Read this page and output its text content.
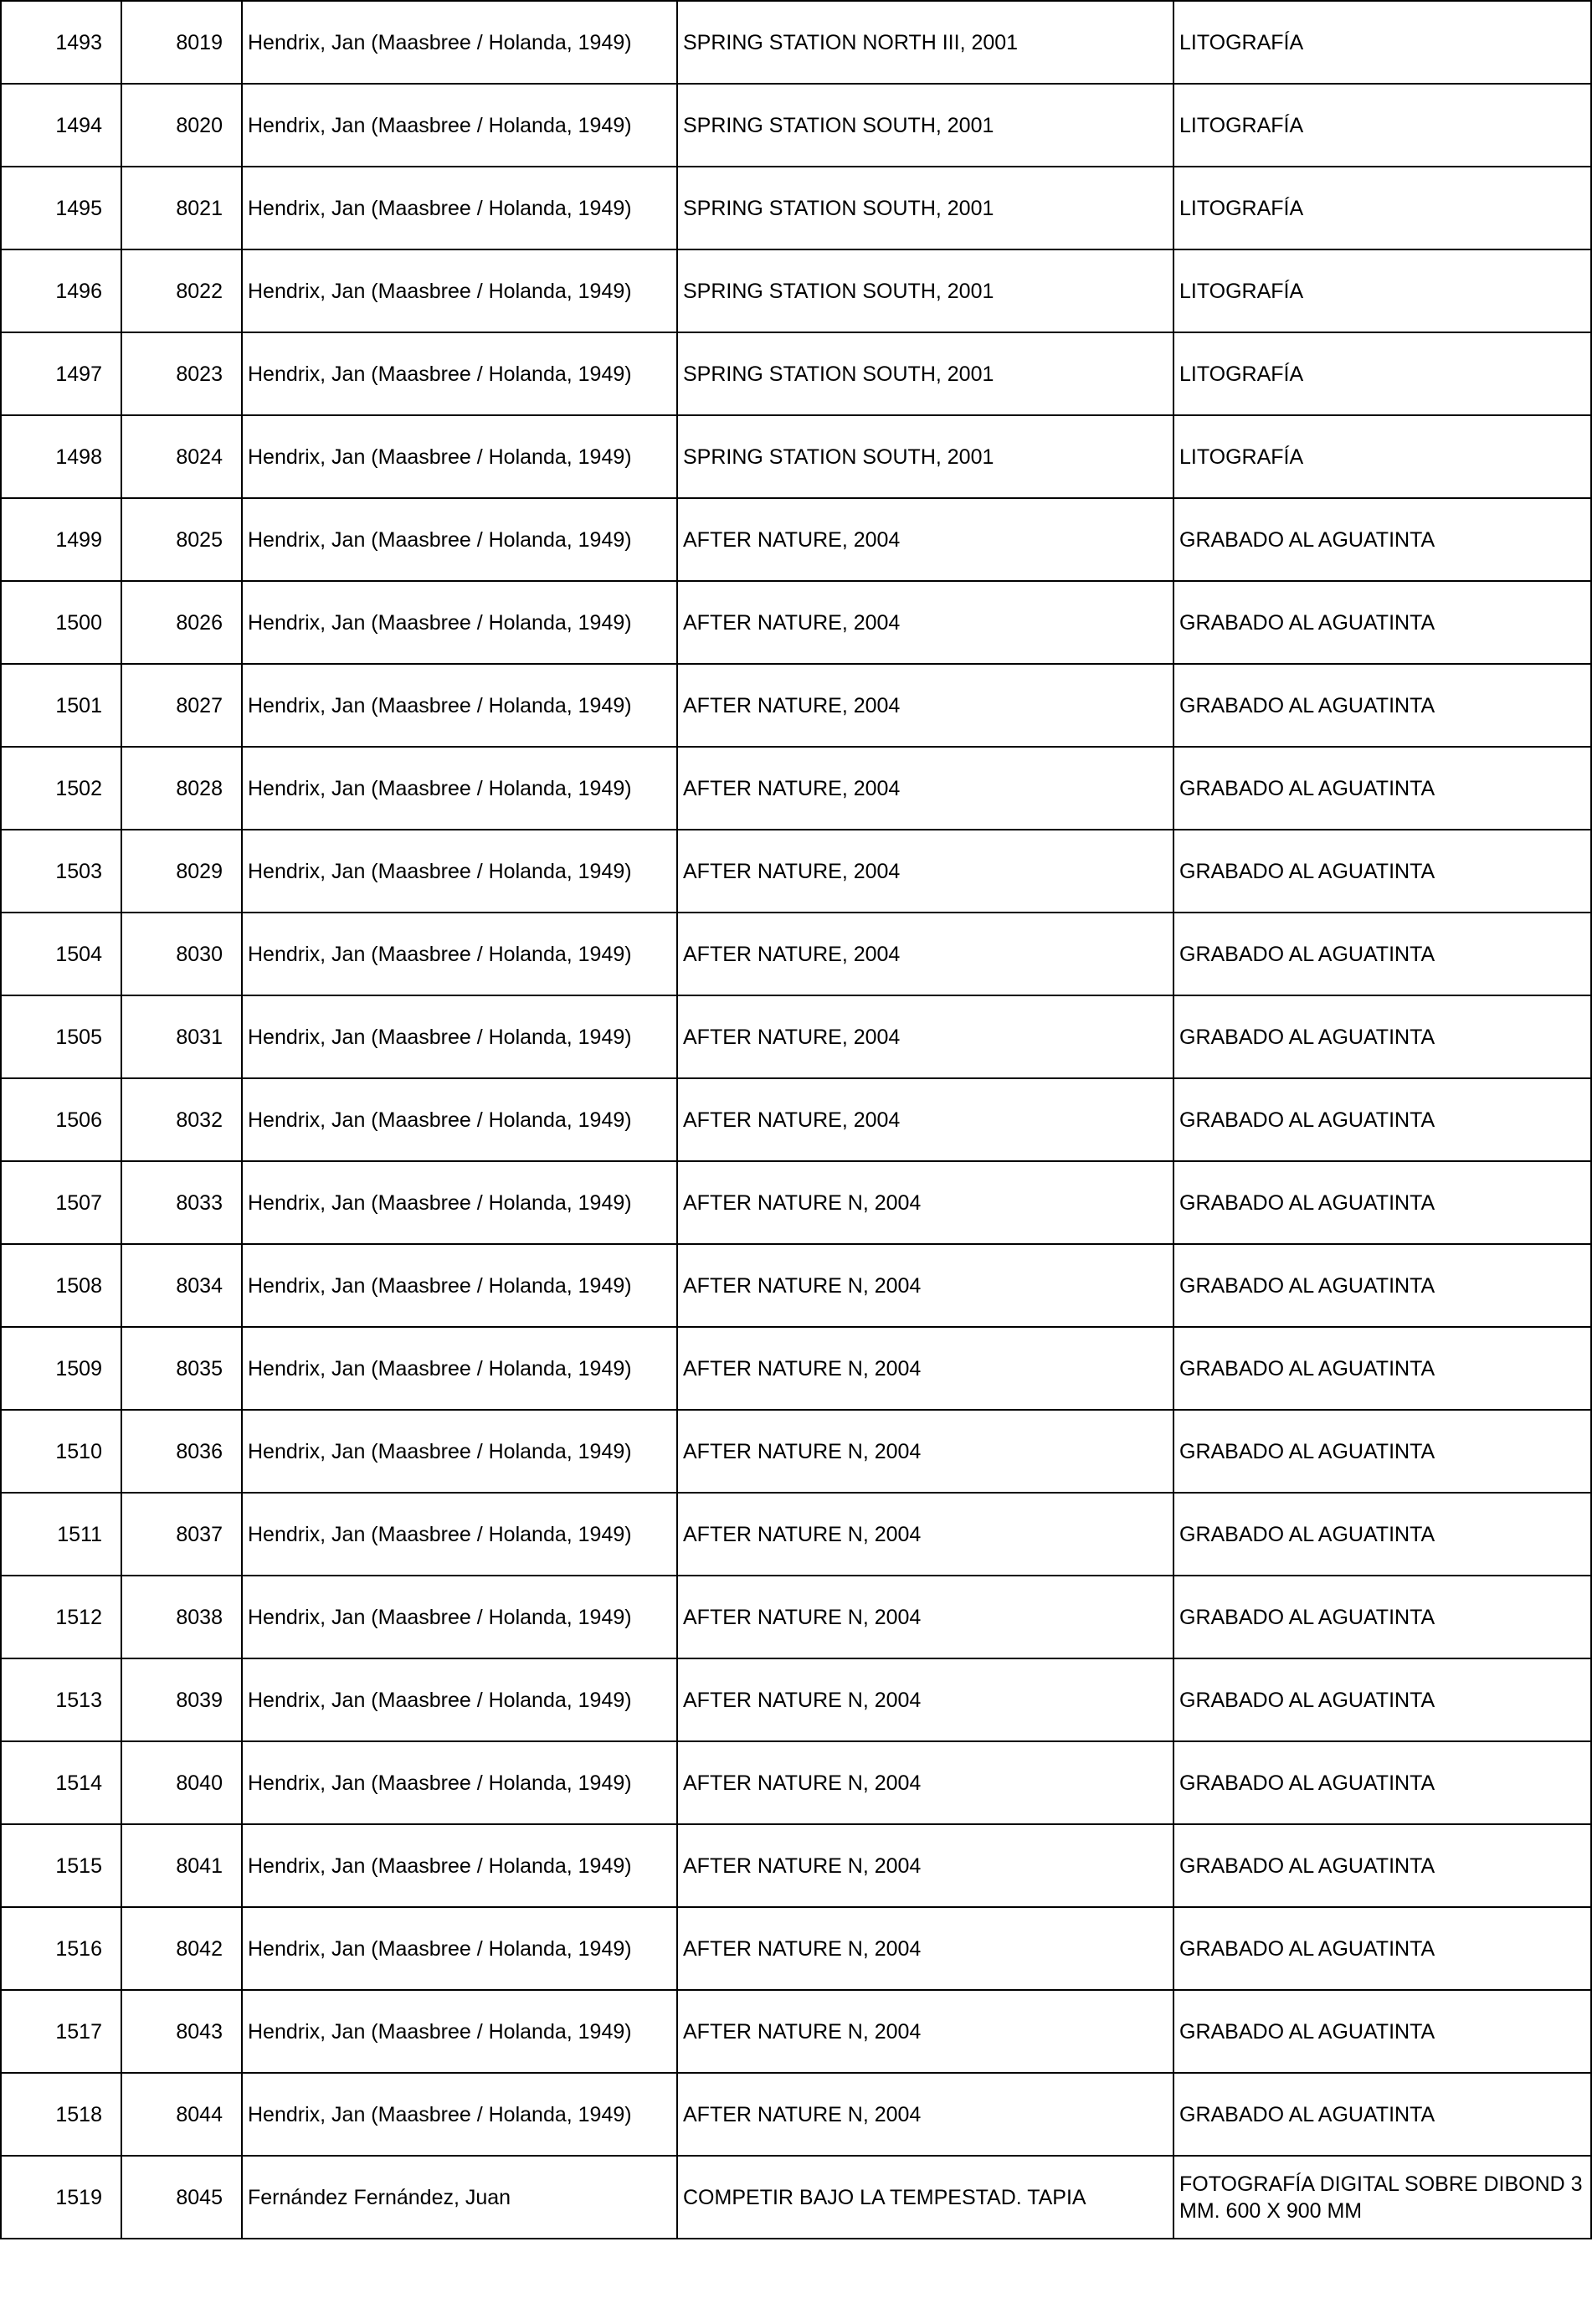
1493	8019	Hendrix, Jan (Maasbree / Holanda, 1949)	SPRING STATION NORTH III, 2001	LITOGRAFÍA
1494	8020	Hendrix, Jan (Maasbree / Holanda, 1949)	SPRING STATION SOUTH, 2001	LITOGRAFÍA
1495	8021	Hendrix, Jan (Maasbree / Holanda, 1949)	SPRING STATION SOUTH, 2001	LITOGRAFÍA
1496	8022	Hendrix, Jan (Maasbree / Holanda, 1949)	SPRING STATION SOUTH, 2001	LITOGRAFÍA
1497	8023	Hendrix, Jan (Maasbree / Holanda, 1949)	SPRING STATION SOUTH, 2001	LITOGRAFÍA
1498	8024	Hendrix, Jan (Maasbree / Holanda, 1949)	SPRING STATION SOUTH, 2001	LITOGRAFÍA
1499	8025	Hendrix, Jan (Maasbree / Holanda, 1949)	AFTER NATURE, 2004	GRABADO AL AGUATINTA
1500	8026	Hendrix, Jan (Maasbree / Holanda, 1949)	AFTER NATURE, 2004	GRABADO AL AGUATINTA
1501	8027	Hendrix, Jan (Maasbree / Holanda, 1949)	AFTER NATURE, 2004	GRABADO AL AGUATINTA
1502	8028	Hendrix, Jan (Maasbree / Holanda, 1949)	AFTER NATURE, 2004	GRABADO AL AGUATINTA
1503	8029	Hendrix, Jan (Maasbree / Holanda, 1949)	AFTER NATURE, 2004	GRABADO AL AGUATINTA
1504	8030	Hendrix, Jan (Maasbree / Holanda, 1949)	AFTER NATURE, 2004	GRABADO AL AGUATINTA
1505	8031	Hendrix, Jan (Maasbree / Holanda, 1949)	AFTER NATURE, 2004	GRABADO AL AGUATINTA
1506	8032	Hendrix, Jan (Maasbree / Holanda, 1949)	AFTER NATURE, 2004	GRABADO AL AGUATINTA
1507	8033	Hendrix, Jan (Maasbree / Holanda, 1949)	AFTER NATURE N, 2004	GRABADO AL AGUATINTA
1508	8034	Hendrix, Jan (Maasbree / Holanda, 1949)	AFTER NATURE N, 2004	GRABADO AL AGUATINTA
1509	8035	Hendrix, Jan (Maasbree / Holanda, 1949)	AFTER NATURE N, 2004	GRABADO AL AGUATINTA
1510	8036	Hendrix, Jan (Maasbree / Holanda, 1949)	AFTER NATURE N, 2004	GRABADO AL AGUATINTA
1511	8037	Hendrix, Jan (Maasbree / Holanda, 1949)	AFTER NATURE N, 2004	GRABADO AL AGUATINTA
1512	8038	Hendrix, Jan (Maasbree / Holanda, 1949)	AFTER NATURE N, 2004	GRABADO AL AGUATINTA
1513	8039	Hendrix, Jan (Maasbree / Holanda, 1949)	AFTER NATURE N, 2004	GRABADO AL AGUATINTA
1514	8040	Hendrix, Jan (Maasbree / Holanda, 1949)	AFTER NATURE N, 2004	GRABADO AL AGUATINTA
1515	8041	Hendrix, Jan (Maasbree / Holanda, 1949)	AFTER NATURE N, 2004	GRABADO AL AGUATINTA
1516	8042	Hendrix, Jan (Maasbree / Holanda, 1949)	AFTER NATURE N, 2004	GRABADO AL AGUATINTA
1517	8043	Hendrix, Jan (Maasbree / Holanda, 1949)	AFTER NATURE N, 2004	GRABADO AL AGUATINTA
1518	8044	Hendrix, Jan (Maasbree / Holanda, 1949)	AFTER NATURE N, 2004	GRABADO AL AGUATINTA
1519	8045	Fernández Fernández, Juan	COMPETIR BAJO LA TEMPESTAD. TAPIA	FOTOGRAFÍA DIGITAL SOBRE DIBOND 3 MM. 600 X 900 MM
